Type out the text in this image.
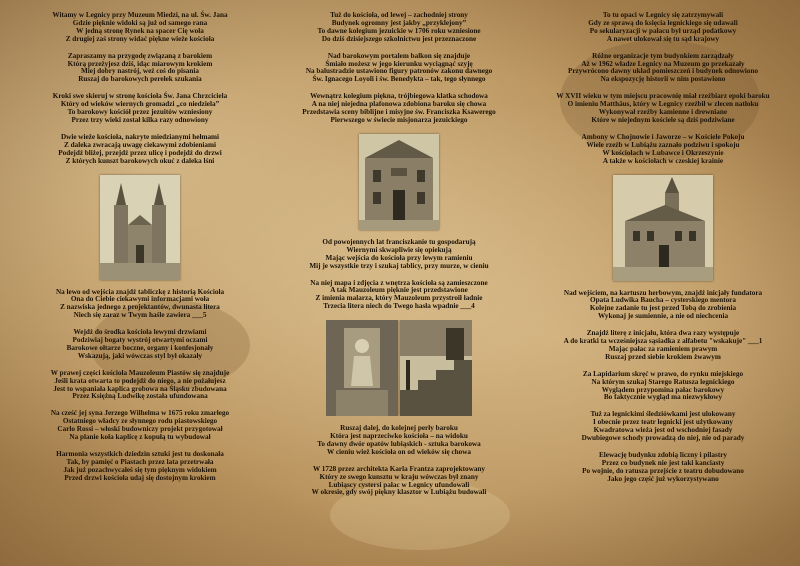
Witamy w Legnicy przy Muzeum Miedzi, na ul. Św. Jana
Gdzie pięknie widoki są już od samego rana
W jedną stronę Rynek na spacer Cię woła
Z drugiej zaś strony widać piękne wieże kościoła
Zapraszamy na przygodę związaną z barokiem
Którą przeżyjesz dziś, idąc miarowym krokiem
Miej dobry nastrój, weź coś do pisania
Ruszaj do barokowych perełek szukania
Kroki swe skieruj w stronę kościoła Św. Jana Chrzciciela
Który od wieków wiernych gromadzi „co niedziela”
To barokowy kościół przez jezuitów wzniesiony
Przez trzy wieki został kilka razy odnowiony
Dwie wieże kościoła, nakryte miedzianymi hełmami
Z daleka zwracają uwagę ciekawymi zdobieniami
Podejdź bliżej, przejdź przez ulicę i podejdź do drzwi
Z których kunszt barokowych okuć z daleka lśni
Na lewo od wejścia znajdź tabliczkę z historią Kościoła
Ona do Ciebie ciekawymi informacjami woła
Z nazwiska jednego z projektantów, dwunasta litera
Niech się zaraz w Twym haśle zawiera ___5
Wejdź do środka kościoła lewymi drzwiami
Podziwiaj bogaty wystrój otwartymi oczami
Barokowe ołtarze boczne, organy i konfesjonały
Wskazują, jaki wówczas styl był okazały
W prawej części kościoła Mauzoleum Piastów się znajduje
Jeśli krata otwarta to podejdź do niego, a nie pożałujesz
Jest to wspaniała kaplica grobowa na Śląsku zbudowana
Przez Księżną Ludwikę została ufundowana
Na cześć jej syna Jerzego Wilhelma w 1675 roku zmarłego
Ostatniego władcy ze słynnego rodu piastowskiego
Carlo Rossi – włoski budowniczy projekt przygotował
Na planie koła kaplicę z kopułą tu wybudował
Harmonia wszystkich dziedzin sztuki jest tu doskonała
Tak, by pamięć o Piastach przez lata przetrwała
Jak już pozachwycałeś się tym pięknym widokiem
Przed drzwi kościoła udaj się dostojnym krokiem
Tuż do kościoła, od lewej – zachodniej strony
Budynek ogromny jest jakby „przyklejony”
To dawne kolegium jezuickie w 1706 roku wzniesione
Do dziś dzisiejszego szkolnictwu jest przeznaczone
Nad barokowym portalem balkon się znajduje
Śmiało możesz w jego kierunku wyciągnąć szyję
Na balustradzie ustawiono figury patronów zakonu dawnego
Św. Ignacego Loyoli i św. Benedykta – tak, tego słynnego
Wewnątrz kolegium piękna, trójbiegowa klatka schodowa
A na niej niejedna plafonowa zdobiona baroku się chowa
Przedstawia sceny biblijne i misyjne św. Franciszka Ksawerego
Pierwszego w świecie misjonarza jezuickiego
Od powojennych lat franciszkanie tu gospodarują
Wiernymi skwapliwie się opiekują
Mając wejścia do kościoła przy lewym ramieniu
Mij je wszystkie trzy i szukaj tablicy, przy murze, w cieniu
Na niej mapa i zdjęcia z wnętrza kościoła są zamieszczone
A tak Mauzoleum pięknie jest przedstawione
Z imienia malarza, który Mauzoleum przystroił ładnie
Trzecia litera niech do Twego hasła wpadnie ___4
Ruszaj dalej, do kolejnej perły baroku
Która jest naprzeciwko kościoła – na widoku
To dawny dwór opatów lubiąskich - sztuka barokowa
W cieniu wież kościoła on od wieków się chowa
W 1728 przez architekta Karla Frantza zaprojektowany
Który ze swego kunsztu w kraju wówczas był znany
Lubiąscy cystersi pałac w Legnicy ufundowali
W okresie, gdy swój piękny klasztor w Lubiążu budowali
To tu opaci w Legnicy się zatrzymywali
Gdy ze sprawą do księcia legnickiego się udawali
Po sekularyzacji w pałacu był urząd podatkowy
A nawet ulokował się tu sąd krajowy
Różne organizacje tym budynkiem zarządzały
Aż w 1962 władze Legnicy na Muzeum go przekazały
Przywrócono dawny układ pomieszczeń i budynek odnowiono
Na ekspozycję historii w nim postawiono
W XVII wieku w tym miejscu pracownię miał rzeźbiarz epoki baroku
O imieniu Matthäus, który w Legnicy rzeźbił w zlecen natłoku
Wykonywał rzeźby kamienne i drewniane
Które w niejednym kościele są dziś podziwiane
Ambony w Chojnowie i Jaworze – w Kościele Pokoju
Wiele rzeźb w Lubiążu zaznało podziwu i spokoju
W kościołach w Lubawce i Okrzeszynie
A także w kościołach w czeskiej krainie
Nad wejściem, na kartuszu herbowym, znajdź inicjały fundatora
Opata Ludwika Baucha – cysterskiego mentora
Kolejne zadanie tu jest przed Tobą do zrobienia
Wykonaj je sumiennie, a nie od niechcenia
Znajdź literę z inicjału, która dwa razy występuje
A do kratki ta wcześniejsza sąsiadka z alfabetu "wskakuje" ___1
Mając pałac za ramieniem prawym
Ruszaj przed siebie krokiem żwawym
Za Lapidarium skręć w prawo, do rynku miejskiego
Na którym szukaj Starego Ratusza legnickiego
Wyglądem przypomina pałac barokowy
Bo faktycznie wygląd ma niezwykłowy
Tuż za legnickimi śledziówkami jest ulokowany
I obecnie przez teatr legnicki jest użytkowany
Kwadratowa wieża jest od wschodniej fasady
Dwubiegowe schody prowadzą do niej, nie od parady
Elewację budynku zdobią liczny i pilastry
Przez co budynek nie jest taki kanciasty
Po wojnie, do ratusza przejście z teatru dobudowano
Jako jego część już wykorzystywano
